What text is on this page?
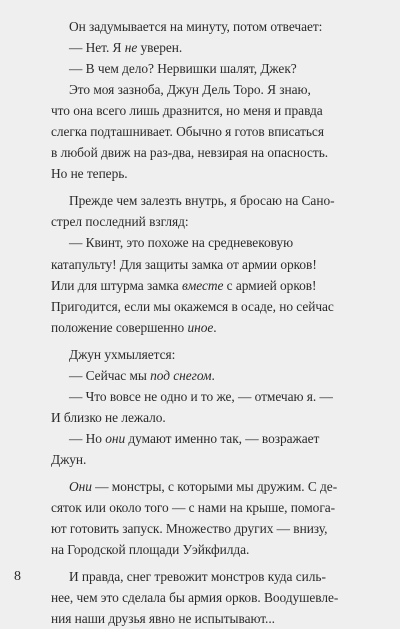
Он задумывается на минуту, потом отвечает:

— Нет. Я не уверен.

— В чем дело? Нервишки шалят, Джек?

Это моя зазноба, Джун Дель Торо. Я знаю,
что она всего лишь дразнится, но меня и правда
слегка подташнивает. Обычно я готов вписаться
в любой движ на раз-два, невзирая на опасность.
Но не теперь.

Прежде чем залезть внутрь, я бросаю на Сано-
стрел последний взгляд:

— Квинт, это похоже на средневековую
катапульту! Для защиты замка от армии орков!
Или для штурма замка вместе с армией орков!
Пригодится, если мы окажемся в осаде, но сейчас
положение совершенно иное.

Джун ухмыляется:

— Сейчас мы под снегом.

— Что вовсе не одно и то же, — отмечаю я. —
И близко не лежало.

— Но они думают именно так, — возражает
Джун.

Они — монстры, с которыми мы дружим. С де-
сяток или около того — с нами на крыше, помога-
ют готовить запуск. Множество других — внизу,
на Городской площади Уэйкфилда.

И правда, снег тревожит монстров куда силь-
нее, чем это сделала бы армия орков. Воодушевле-
ния наши друзья явно не испытывают...

8
